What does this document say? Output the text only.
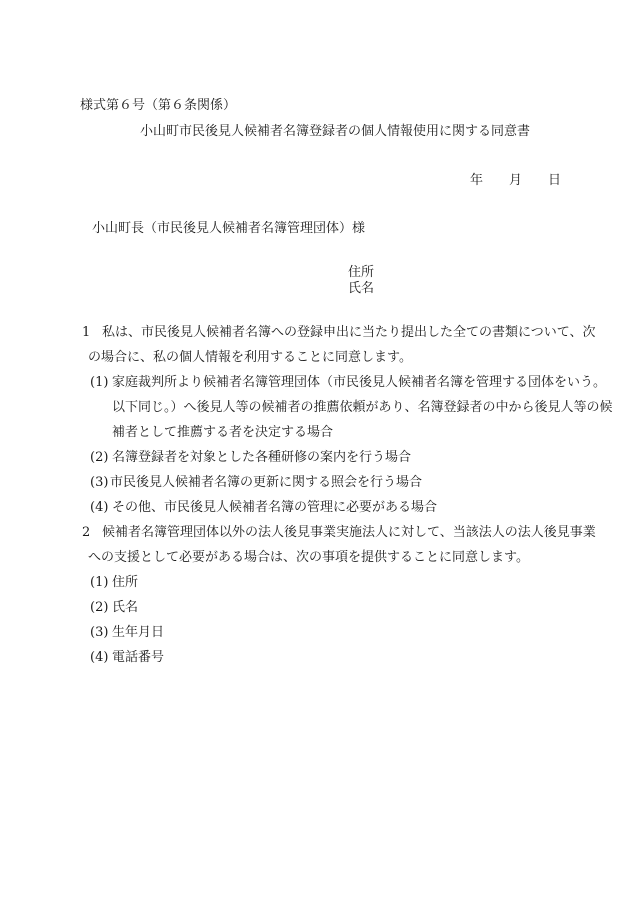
様式第６号（第６条関係）
小山町市民後見人候補者名簿登録者の個人情報使用に関する同意書
年 月 日
小山町長（市民後見人候補者名簿管理団体）様
住所
氏名
1 私は、市民後見人候補者名簿への登録申出に当たり提出した全ての書類について、次
の場合に、私の個人情報を利用することに同意します。
(1) 家庭裁判所より候補者名簿管理団体（市民後見人候補者名簿を管理する団体をいう。
以下同じ。）へ後見人等の候補者の推薦依頼があり、名簿登録者の中から後見人等の候
補者として推薦する者を決定する場合
(2) 名簿登録者を対象とした各種研修の案内を行う場合
(3) 市民後見人候補者名簿の更新に関する照会を行う場合
(4) その他、市民後見人候補者名簿の管理に必要がある場合
2 候補者名簿管理団体以外の法人後見事業実施法人に対して、当該法人の法人後見事業
への支援として必要がある場合は、次の事項を提供することに同意します。
(1) 住所
(2) 氏名
(3) 生年月日
(4) 電話番号
